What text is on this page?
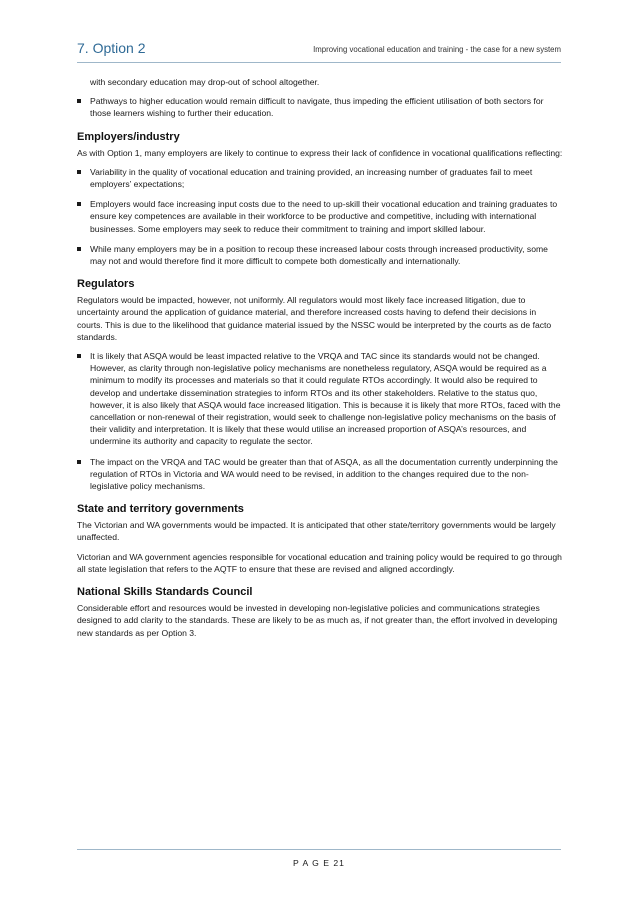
7. Option 2	Improving vocational education and training - the case for a new system

with secondary education may drop-out of school altogether.

Pathways to higher education would remain difficult to navigate, thus impeding the efficient utilisation of both sectors for those learners wishing to further their education.
Employers/industry

As with Option 1, many employers are likely to continue to express their lack of confidence in vocational qualifications reflecting:

Variability in the quality of vocational education and training provided, an increasing number of graduates fail to meet employers’ expectations;
Employers would face increasing input costs due to the need to up-skill their vocational education and training graduates to ensure key competences are available in their workforce to be productive and competitive, including with international businesses. Some employers may seek to reduce their commitment to training and import skilled labour.
While many employers may be in a position to recoup these increased labour costs through increased productivity, some may not and would therefore find it more difficult to compete both domestically and internationally.
Regulators

Regulators would be impacted, however, not uniformly. All regulators would most likely face increased litigation, due to uncertainty around the application of guidance material, and therefore increased costs having to defend their decisions in courts. This is due to the likelihood that guidance material issued by the NSSC would be interpreted by the courts as de facto standards.

It is likely that ASQA would be least impacted relative to the VRQA and TAC since its standards would not be changed. However, as clarity through non-legislative policy mechanisms are nonetheless regulatory, ASQA would be required as a minimum to modify its processes and materials so that it could regulate RTOs accordingly. It would also be required to develop and undertake dissemination strategies to inform RTOs and its other stakeholders. Relative to the status quo, however, it is also likely that ASQA would face increased litigation. This is because it is likely that more RTOs, faced with the cancellation or non-renewal of their registration, would seek to challenge non-legislative policy mechanisms on the basis of their validity and interpretation. It is likely that these would utilise an increased proportion of ASQA’s resources, and undermine its authority and capacity to regulate the sector.
The impact on the VRQA and TAC would be greater than that of ASQA, as all the documentation currently underpinning the regulation of RTOs in Victoria and WA would need to be revised, in addition to the changes required due to the non-legislative policy mechanisms.
State and territory governments

The Victorian and WA governments would be impacted. It is anticipated that other state/territory governments would be largely unaffected.

Victorian and WA government agencies responsible for vocational education and training policy would be required to go through all state legislation that refers to the AQTF to ensure that these are revised and aligned accordingly.

National Skills Standards Council

Considerable effort and resources would be invested in developing non-legislative policies and communications strategies designed to add clarity to the standards. These are likely to be as much as, if not greater than, the effort involved in developing new standards as per Option 3.

P A G E 21
